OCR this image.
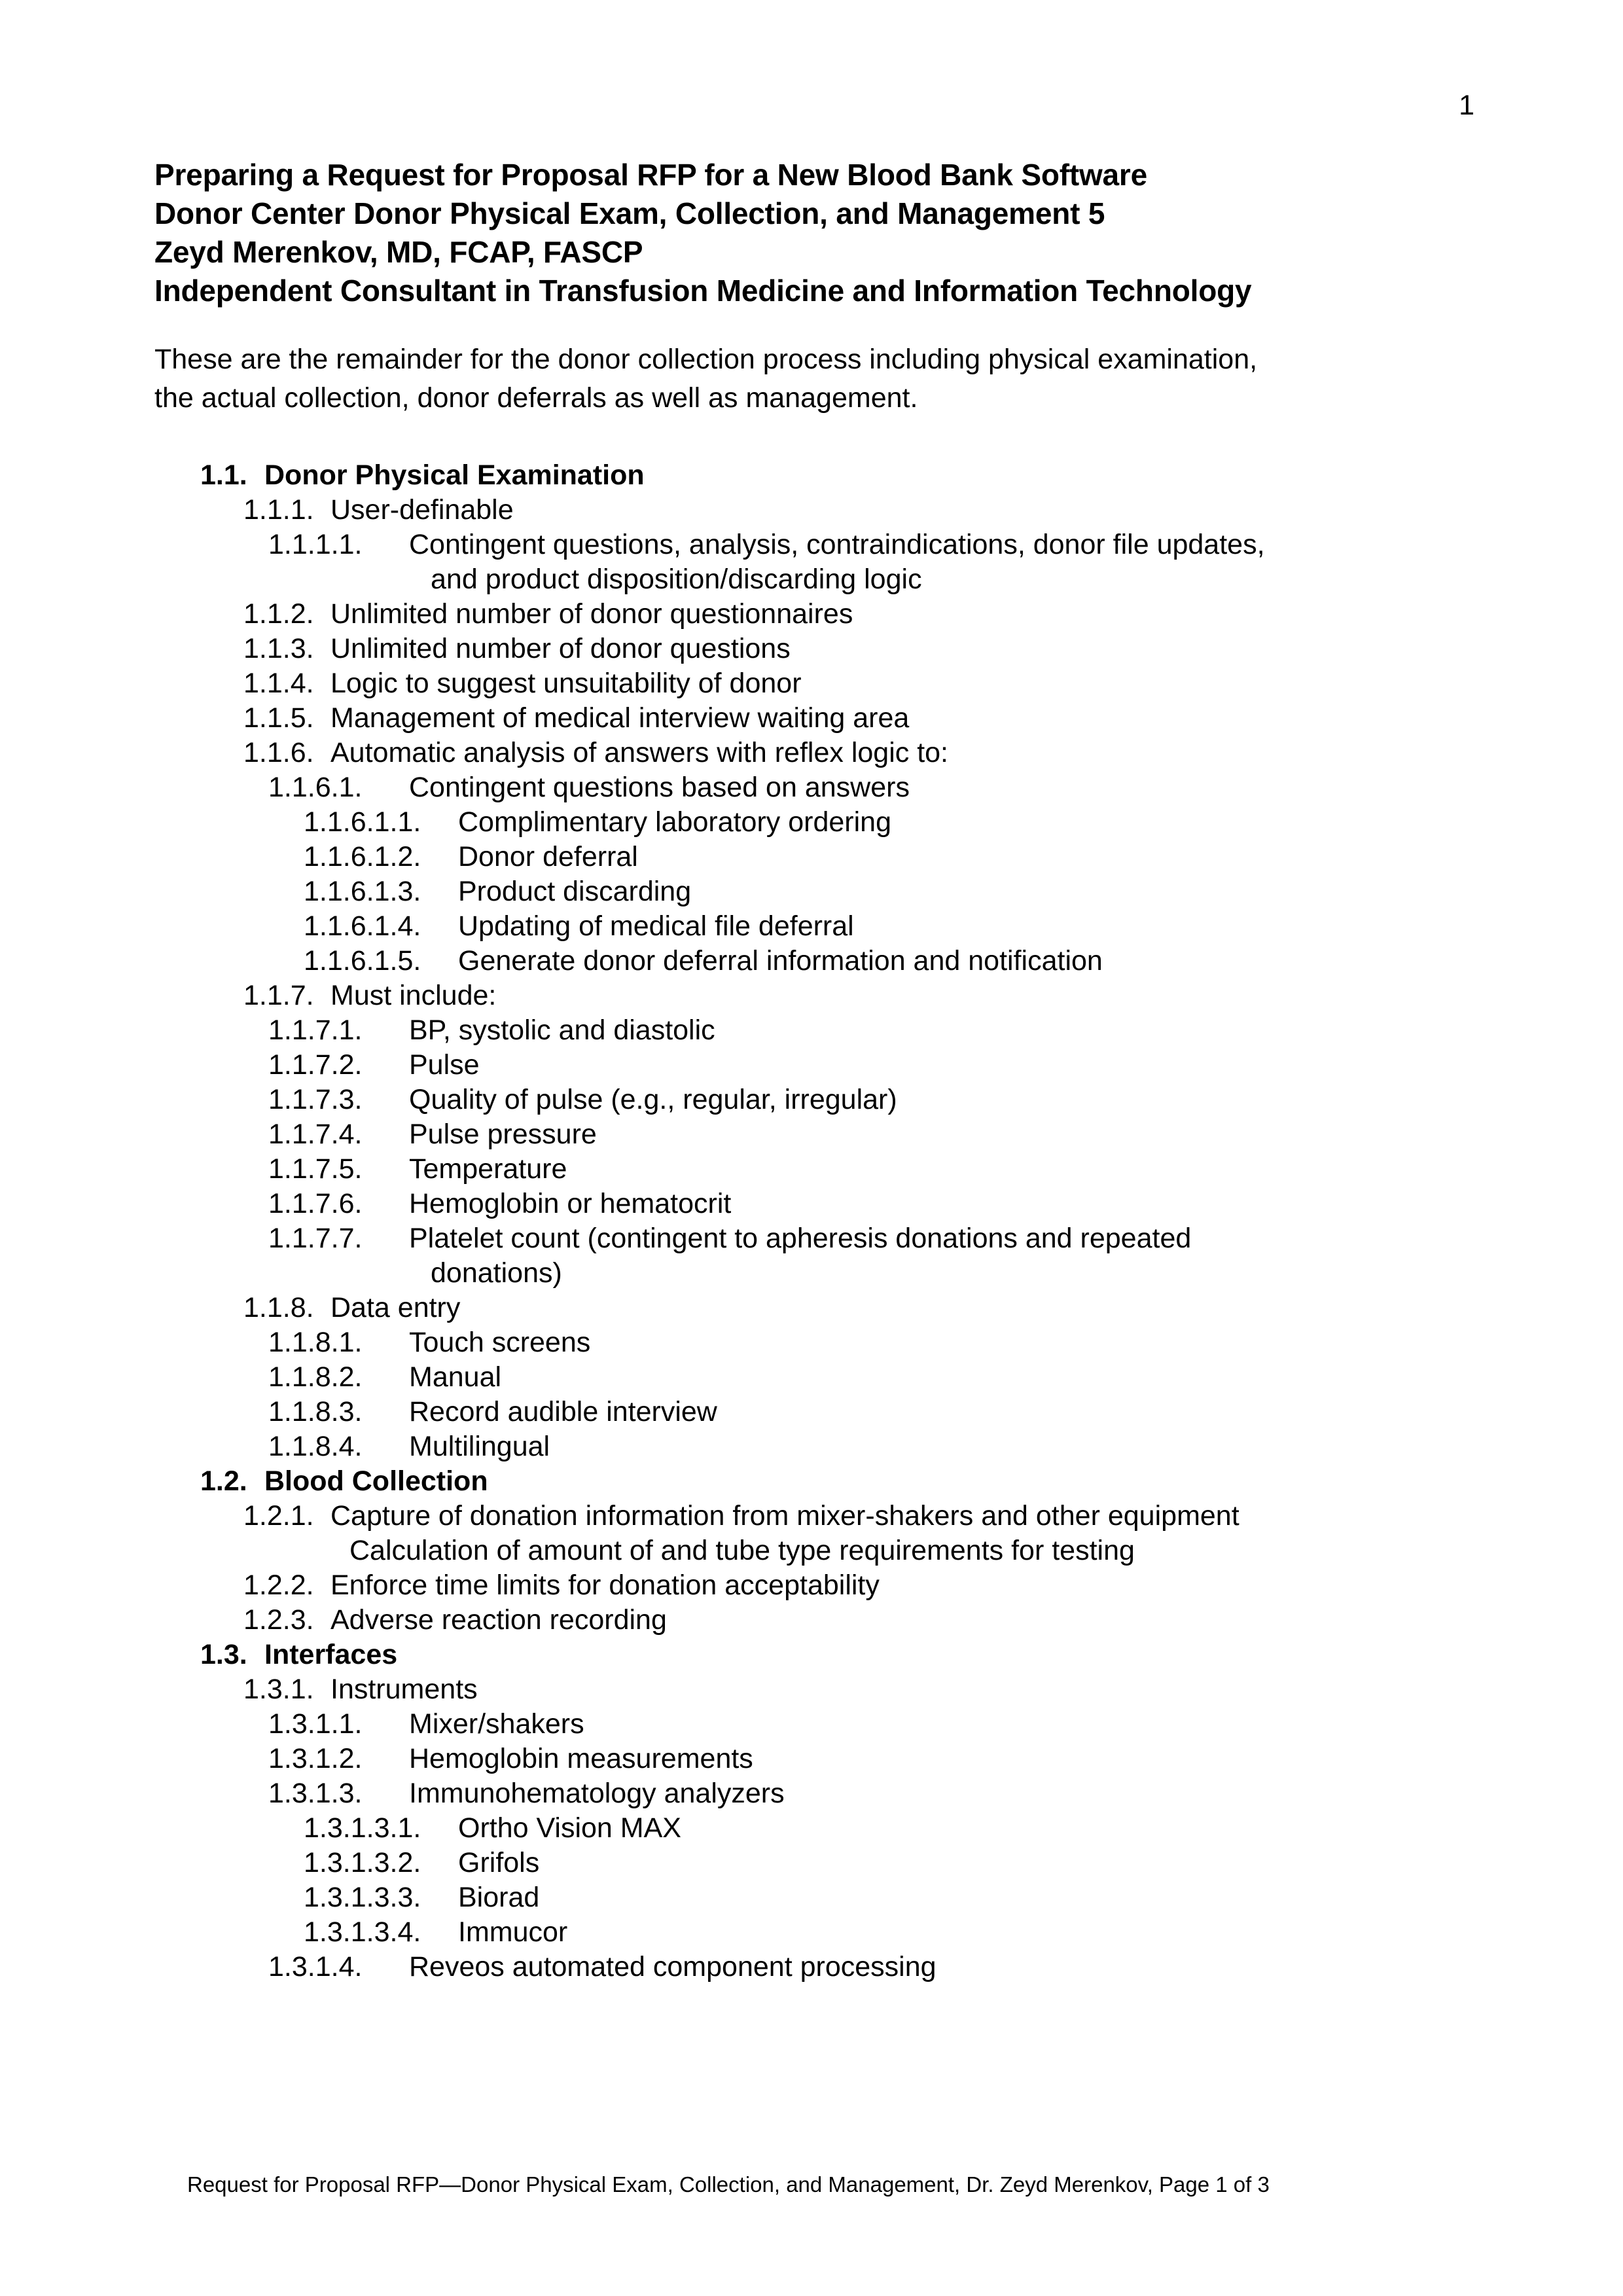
1
Preparing a Request for Proposal RFP for a New Blood Bank Software
Donor Center Donor Physical Exam, Collection, and Management 5
Zeyd Merenkov, MD, FCAP, FASCP
Independent Consultant in Transfusion Medicine and Information Technology
These are the remainder for the donor collection process including physical examination,
the actual collection, donor deferrals as well as management.
1.1. Donor Physical Examination
1.1.1. User-definable
1.1.1.1.	Contingent questions, analysis, contraindications, donor file updates,
and product disposition/discarding logic
1.1.2. Unlimited number of donor questionnaires
1.1.3. Unlimited number of donor questions
1.1.4. Logic to suggest unsuitability of donor
1.1.5. Management of medical interview waiting area
1.1.6. Automatic analysis of answers with reflex logic to:
1.1.6.1.	Contingent questions based on answers
1.1.6.1.1.	Complimentary laboratory ordering
1.1.6.1.2.	Donor deferral
1.1.6.1.3.	Product discarding
1.1.6.1.4.	Updating of medical file deferral
1.1.6.1.5.	Generate donor deferral information and notification
1.1.7. Must include:
1.1.7.1.	BP, systolic and diastolic
1.1.7.2.	Pulse
1.1.7.3.	Quality of pulse (e.g., regular, irregular)
1.1.7.4.	Pulse pressure
1.1.7.5.	Temperature
1.1.7.6.	Hemoglobin or hematocrit
1.1.7.7.	Platelet count (contingent to apheresis donations and repeated
donations)
1.1.8. Data entry
1.1.8.1.	Touch screens
1.1.8.2.	Manual
1.1.8.3.	Record audible interview
1.1.8.4.	Multilingual
1.2. Blood Collection
1.2.1. Capture of donation information from mixer-shakers and other equipment
Calculation of amount of and tube type requirements for testing
1.2.2. Enforce time limits for donation acceptability
1.2.3. Adverse reaction recording
1.3. Interfaces
1.3.1. Instruments
1.3.1.1.	Mixer/shakers
1.3.1.2.	Hemoglobin measurements
1.3.1.3.	Immunohematology analyzers
1.3.1.3.1.	Ortho Vision MAX
1.3.1.3.2.	Grifols
1.3.1.3.3.	Biorad
1.3.1.3.4.	Immucor
1.3.1.4.	Reveos automated component processing
Request for Proposal RFP—Donor Physical Exam, Collection, and Management, Dr. Zeyd Merenkov, Page 1 of 3
